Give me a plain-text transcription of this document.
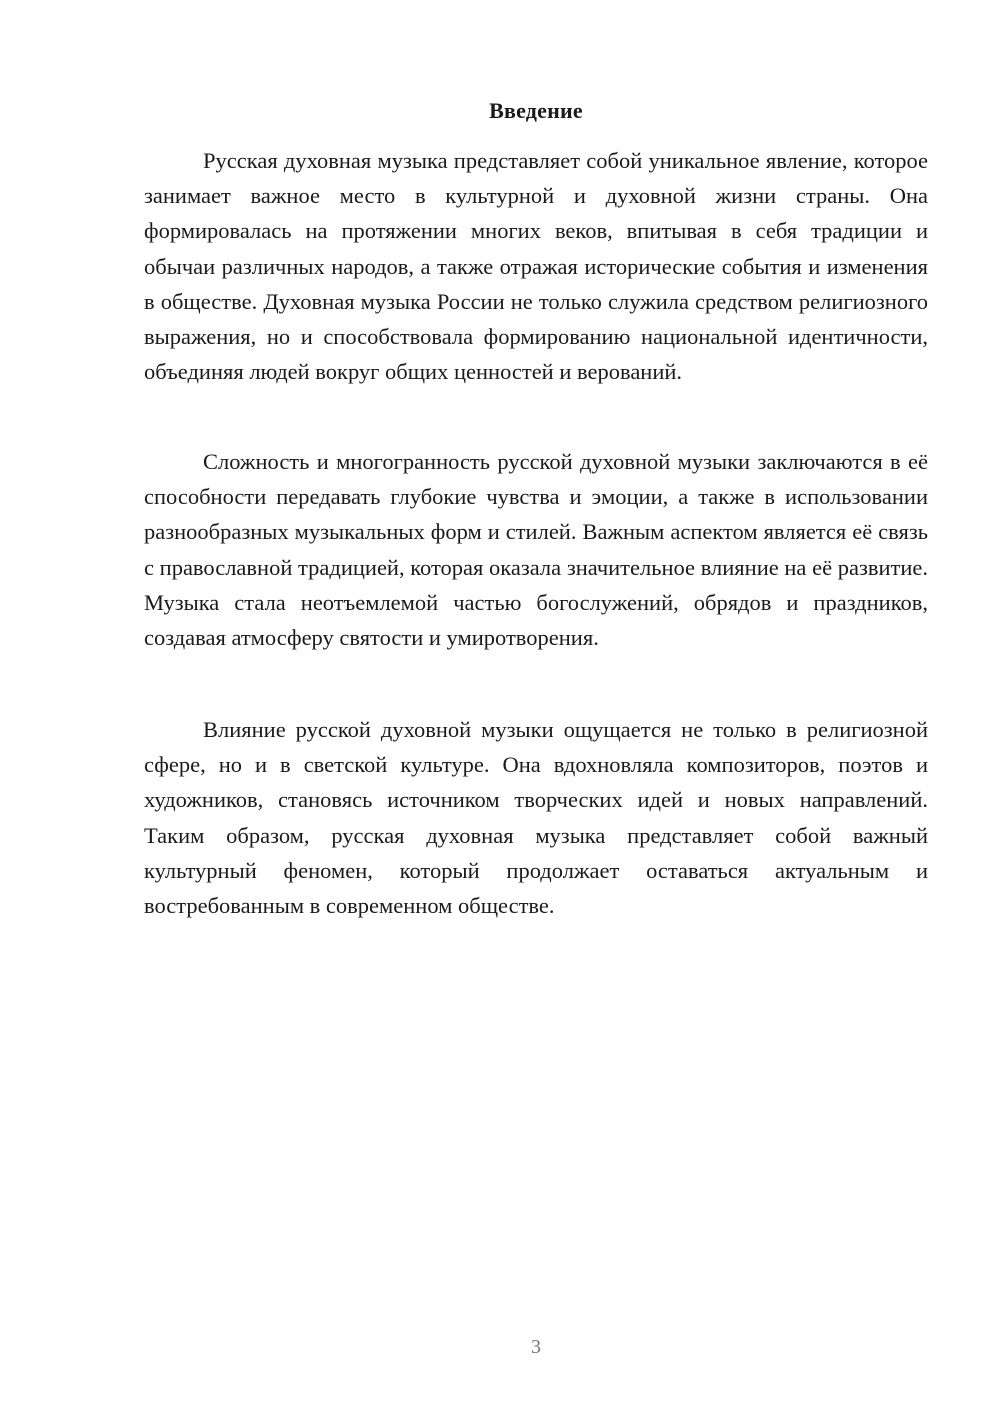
Введение

Русская духовная музыка представляет собой уникальное явление, которое занимает важное место в культурной и духовной жизни страны. Она формировалась на протяжении многих веков, впитывая в себя традиции и обычаи различных народов, а также отражая исторические события и изменения в обществе. Духовная музыка России не только служила средством религиозного выражения, но и способствовала формированию национальной идентичности, объединяя людей вокруг общих ценностей и верований.

Сложность и многогранность русской духовной музыки заключаются в её способности передавать глубокие чувства и эмоции, а также в использовании разнообразных музыкальных форм и стилей. Важным аспектом является её связь с православной традицией, которая оказала значительное влияние на её развитие. Музыка стала неотъемлемой частью богослужений, обрядов и праздников, создавая атмосферу святости и умиротворения.

Влияние русской духовной музыки ощущается не только в религиозной сфере, но и в светской культуре. Она вдохновляла композиторов, поэтов и художников, становясь источником творческих идей и новых направлений. Таким образом, русская духовная музыка представляет собой важный культурный феномен, который продолжает оставаться актуальным и востребованным в современном обществе.

3
